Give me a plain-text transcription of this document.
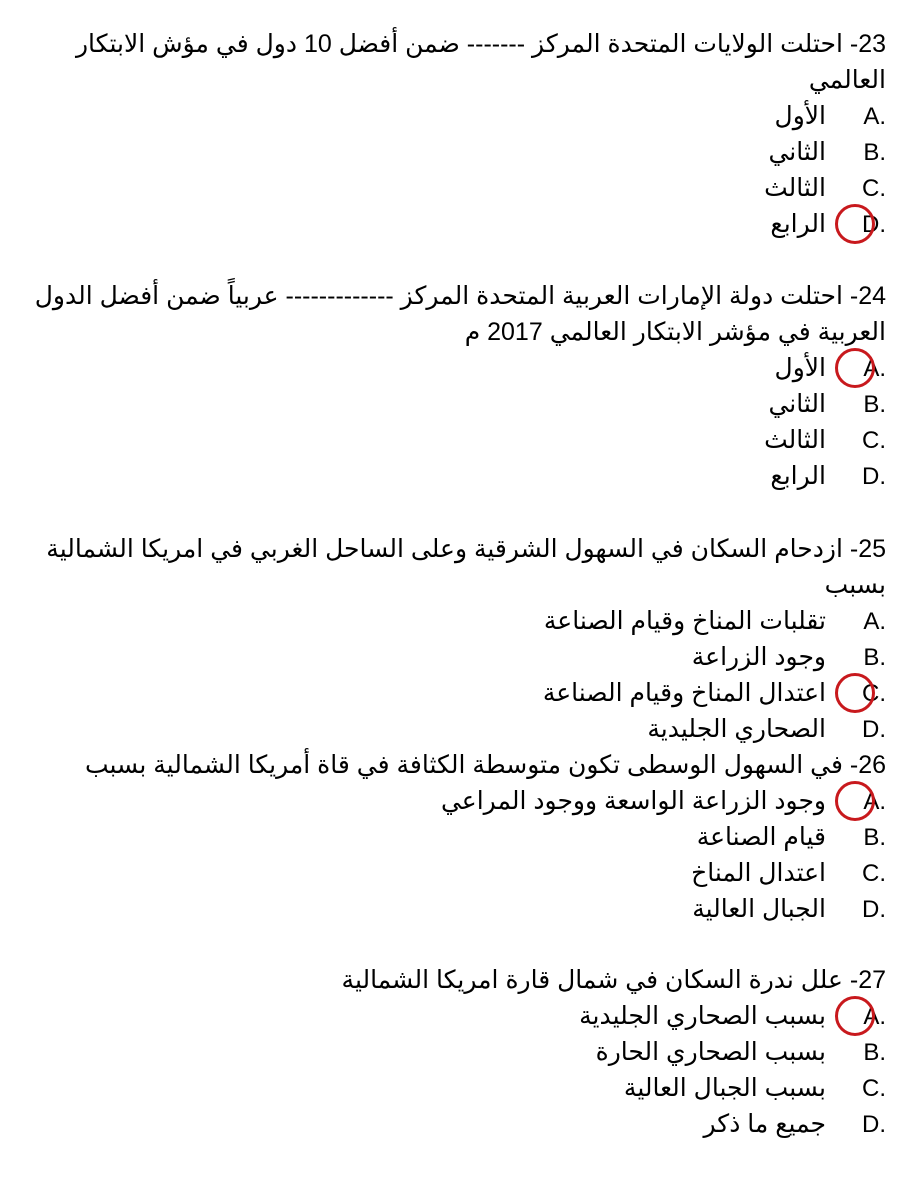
23- احتلت الولايات المتحدة المركز ------- ضمن أفضل 10 دول في مؤش الابتكار العالمي
A.الأول
B.الثاني
C.الثالث
D.
الرابع
24- احتلت دولة الإمارات العربية المتحدة المركز ------------- عربياً ضمن أفضل الدول العربية في مؤشر الابتكار العالمي 2017 م
A.
الأول
B.الثاني
C.الثالث
D.الرابع
25- ازدحام السكان في السهول الشرقية وعلى الساحل الغربي في امريكا الشمالية بسبب
A.تقلبات المناخ وقيام الصناعة
B.وجود الزراعة
C.
اعتدال المناخ وقيام الصناعة
D.الصحاري الجليدية
26- في السهول الوسطى تكون متوسطة الكثافة في قاة أمريكا الشمالية بسبب
A.
وجود الزراعة الواسعة ووجود المراعي
B.قيام الصناعة
C.اعتدال المناخ
D.الجبال العالية
27- علل ندرة السكان في شمال قارة امريكا الشمالية
A.
بسبب الصحاري الجليدية
B.بسبب الصحاري الحارة
C.بسبب الجبال العالية
D.جميع ما ذكر
